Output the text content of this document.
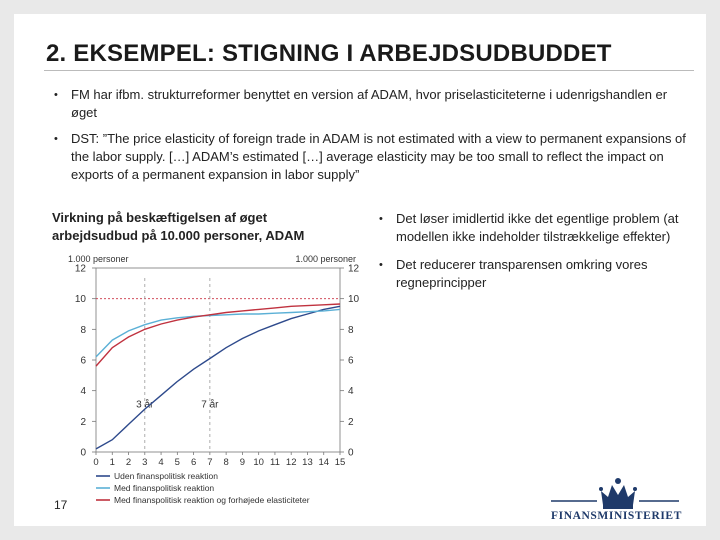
2. EKSEMPEL: STIGNING I ARBEJDSUDBUDDET
• FM har ifbm. strukturreformer benyttet en version af ADAM, hvor priselasticiteterne i udenrigshandlen er øget
• DST: ”The price elasticity of foreign trade in ADAM is not estimated with a view to permanent expansions of the labor supply. […] ADAM’s estimated […] average elasticity may be too small to reflect the impact on exports of a permanent expansion in labor supply”
Virkning på beskæftigelsen af øget arbejdsudbud på 10.000 personer, ADAM
0	0
2	2
4	4
6	6
8	8
10	10
12	12
1.000 personer	1.000 personer
0 1 2 3 4 5 6 7 8 9 10 11 12 13 14 15
3 år	7 år
Uden finanspolitisk reaktion
Med finanspolitisk reaktion
Med finanspolitisk reaktion og forhøjede elasticiteter
• Det løser imidlertid ikke det egentlige problem (at modellen ikke indeholder tilstrækkelige effekter)
• Det reducerer transparensen omkring vores regneprincipper
17
FINANSMINISTERIET
